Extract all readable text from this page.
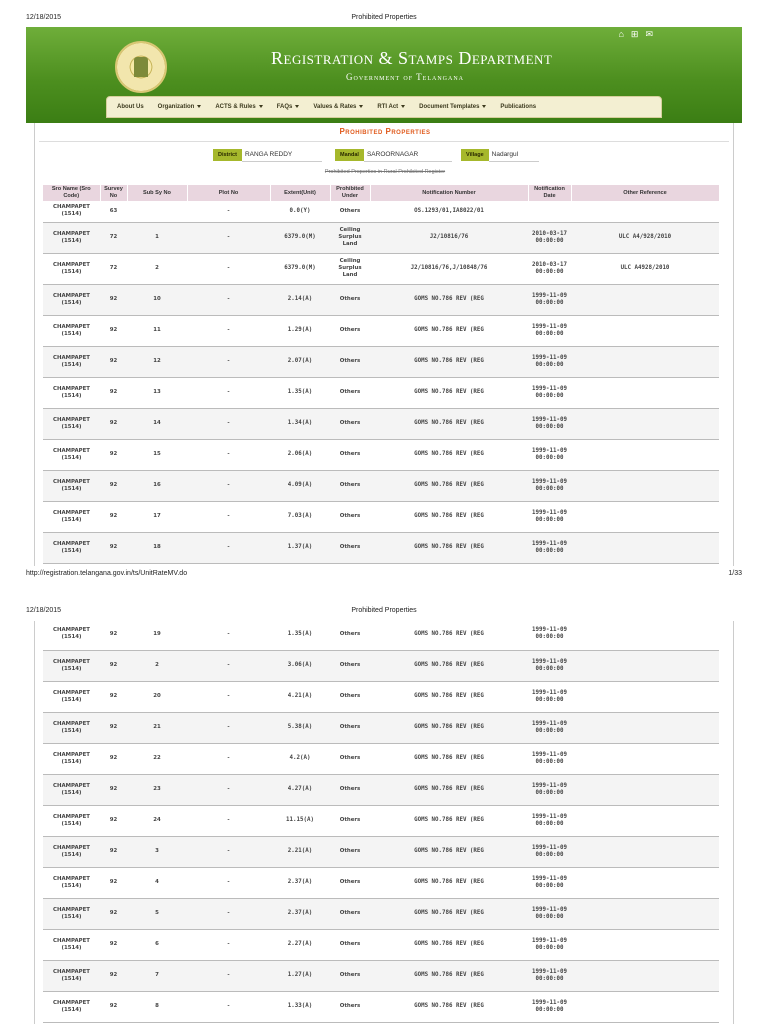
12/18/2015	Prohibited Properties
⌂⊞✉
Registration & Stamps Department
Government of Telangana
About Us Organization	ACTS & Rules	FAQs	Values & Rates	RTI Act	Document Templates	Publications
Prohibited Properties
District	RANGA REDDY	Mandal	SAROORNAGAR	Village	Nadargul
Prohibited Properties in Rural Prohibited Register
Sro Name (Sro Code)	Survey No	Sub Sy No	Plot No	Extent(Unit)	Prohibited Under	Notification Number	Notification Date	Other Reference
CHAMPAPET (1514)	63		-	0.0(Y)	Others	OS.1293/01,IA8022/01		
CHAMPAPET (1514)	72	1	-	6379.0(M)	Ceiling Surplus Land	J2/10816/76	2010-03-17 00:00:00	ULC A4/928/2010
CHAMPAPET (1514)	72	2	-	6379.0(M)	Ceiling Surplus Land	J2/10816/76,J/10848/76	2010-03-17 00:00:00	ULC A4928/2010
CHAMPAPET (1514)	92	10	-	2.14(A)	Others	GOMS NO.786 REV (REG	1999-11-09 00:00:00	
CHAMPAPET (1514)	92	11	-	1.29(A)	Others	GOMS NO.786 REV (REG	1999-11-09 00:00:00	
CHAMPAPET (1514)	92	12	-	2.07(A)	Others	GOMS NO.786 REV (REG	1999-11-09 00:00:00	
CHAMPAPET (1514)	92	13	-	1.35(A)	Others	GOMS NO.786 REV (REG	1999-11-09 00:00:00	
CHAMPAPET (1514)	92	14	-	1.34(A)	Others	GOMS NO.786 REV (REG	1999-11-09 00:00:00	
CHAMPAPET (1514)	92	15	-	2.06(A)	Others	GOMS NO.786 REV (REG	1999-11-09 00:00:00	
CHAMPAPET (1514)	92	16	-	4.09(A)	Others	GOMS NO.786 REV (REG	1999-11-09 00:00:00	
CHAMPAPET (1514)	92	17	-	7.03(A)	Others	GOMS NO.786 REV (REG	1999-11-09 00:00:00	
CHAMPAPET (1514)	92	18	-	1.37(A)	Others	GOMS NO.786 REV (REG	1999-11-09 00:00:00	
http://registration.telangana.gov.in/ts/UnitRateMV.do	1/33
12/18/2015	Prohibited Properties
CHAMPAPET (1514)	92	19	-	1.35(A)	Others	GOMS NO.786 REV (REG	1999-11-09 00:00:00	
CHAMPAPET (1514)	92	2	-	3.06(A)	Others	GOMS NO.786 REV (REG	1999-11-09 00:00:00	
CHAMPAPET (1514)	92	20	-	4.21(A)	Others	GOMS NO.786 REV (REG	1999-11-09 00:00:00	
CHAMPAPET (1514)	92	21	-	5.38(A)	Others	GOMS NO.786 REV (REG	1999-11-09 00:00:00	
CHAMPAPET (1514)	92	22	-	4.2(A)	Others	GOMS NO.786 REV (REG	1999-11-09 00:00:00	
CHAMPAPET (1514)	92	23	-	4.27(A)	Others	GOMS NO.786 REV (REG	1999-11-09 00:00:00	
CHAMPAPET (1514)	92	24	-	11.15(A)	Others	GOMS NO.786 REV (REG	1999-11-09 00:00:00	
CHAMPAPET (1514)	92	3	-	2.21(A)	Others	GOMS NO.786 REV (REG	1999-11-09 00:00:00	
CHAMPAPET (1514)	92	4	-	2.37(A)	Others	GOMS NO.786 REV (REG	1999-11-09 00:00:00	
CHAMPAPET (1514)	92	5	-	2.37(A)	Others	GOMS NO.786 REV (REG	1999-11-09 00:00:00	
CHAMPAPET (1514)	92	6	-	2.27(A)	Others	GOMS NO.786 REV (REG	1999-11-09 00:00:00	
CHAMPAPET (1514)	92	7	-	1.27(A)	Others	GOMS NO.786 REV (REG	1999-11-09 00:00:00	
CHAMPAPET (1514)	92	8	-	1.33(A)	Others	GOMS NO.786 REV (REG	1999-11-09 00:00:00	
